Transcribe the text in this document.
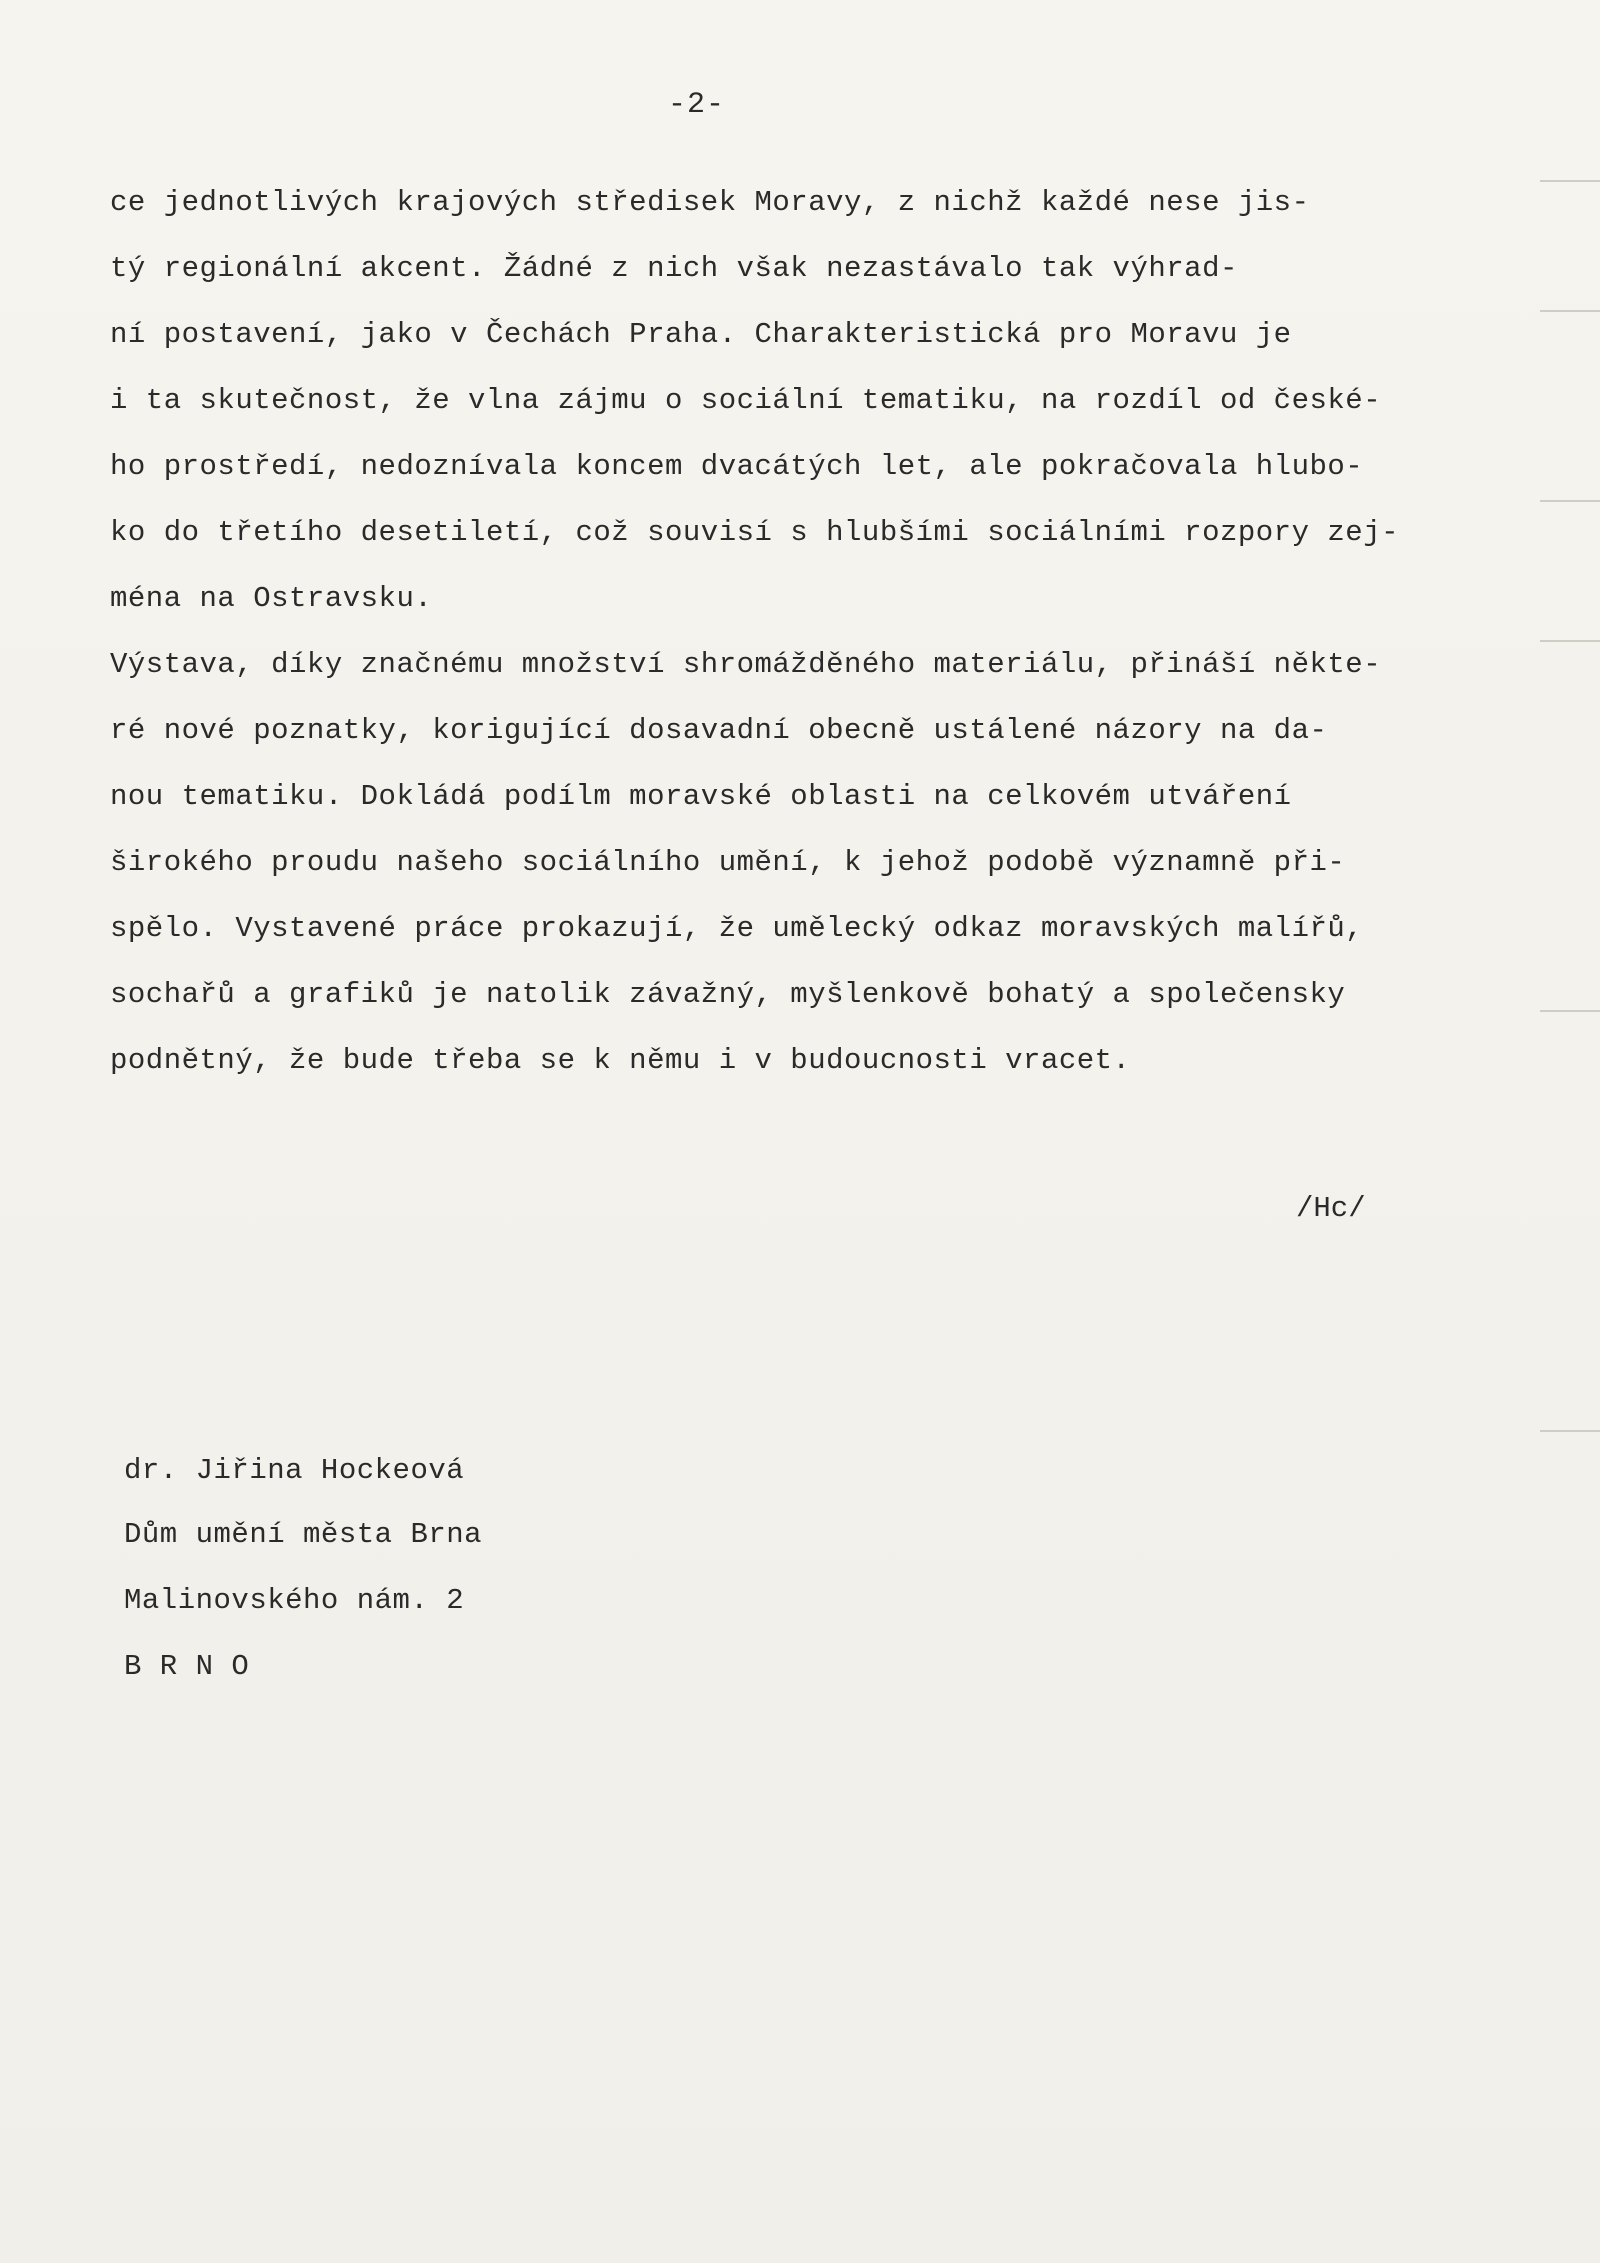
-2-
ce jednotlivých krajových středisek Moravy, z nichž každé nese jis-
tý regionální akcent. Žádné z nich však nezastávalo tak výhrad-
ní postavení, jako v Čechách Praha. Charakteristická pro Moravu je
i ta skutečnost, že vlna zájmu o sociální tematiku, na rozdíl od české-
ho prostředí, nedoznívala koncem dvacátých let, ale pokračovala hlubo-
ko do třetího desetiletí, což souvisí s hlubšími sociálními rozpory zej-
ména na Ostravsku.
Výstava, díky značnému množství shromážděného materiálu, přináší někte-
ré nové poznatky, korigující dosavadní obecně ustálené názory na da-
nou tematiku. Dokládá podílm moravské oblasti na celkovém utváření
širokého proudu našeho sociálního umění, k jehož podobě významně při-
spělo. Vystavené práce prokazují, že umělecký odkaz moravských malířů,
sochařů a grafiků je natolik závažný, myšlenkově bohatý a společensky
podnětný, že bude třeba se k němu i v budoucnosti vracet.
/Hc/
dr. Jiřina Hockeová
Dům umění města Brna
Malinovského nám. 2
B R N O
